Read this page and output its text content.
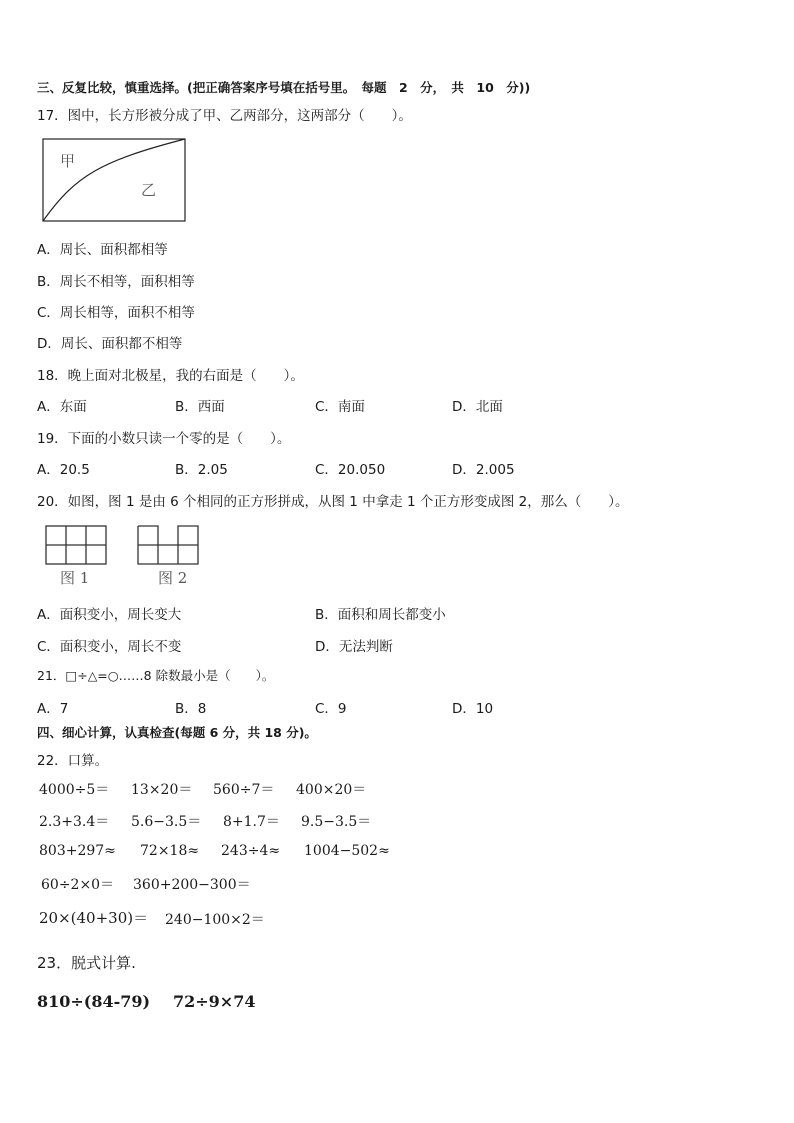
三、反复比较，慎重选择。(把正确答案序号填在括号里。　每题　2　分，　共　10　分))
17．图中，长方形被分成了甲、乙两部分，这两部分（　　）。
甲
乙
A．周长、面积都相等
B．周长不相等，面积相等
C．周长相等，面积不相等
D．周长、面积都不相等
18．晚上面对北极星，我的右面是（　　）。
A．东面	B．西面	C．南面	D．北面
19．下面的小数只读一个零的是（　　）。
A．20.5	B．2.05	C．20.050	D．2.005
20．如图，图 1 是由 6 个相同的正方形拼成，从图 1 中拿走 1 个正方形变成图 2，那么（　　）。
图 1	图 2
A．面积变小，周长变大	B．面积和周长都变小
C．面积变小，周长不变	D．无法判断
21．□÷△=○……8 除数最小是（　　）。
A．7	B．8	C．9	D．10
四、细心计算，认真检查(每题 6 分，共 18 分)。
22．口算。
4000÷5＝ 13×20＝ 560÷7＝ 400×20＝
2.3+3.4＝ 5.6−3.5＝ 8+1.7＝ 9.5−3.5＝
803+297≈ 72×18≈ 243÷4≈ 1004−502≈
60÷2×0＝ 360+200−300＝
20×(40+30)＝ 240−100×2＝
23．脱式计算.
810÷(84-79) 72÷9×74
